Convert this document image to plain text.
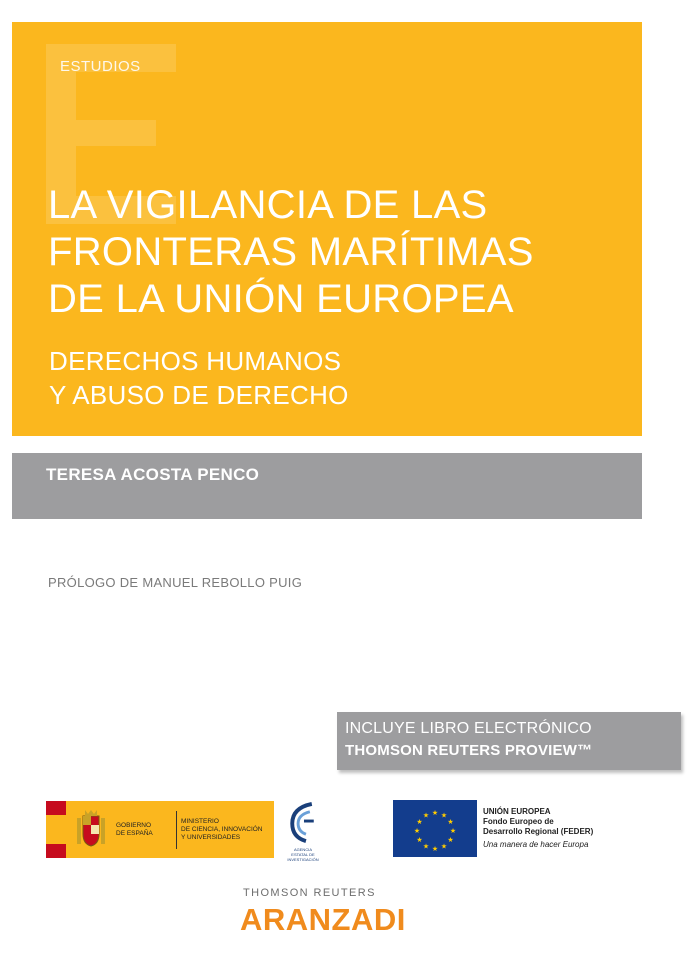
ESTUDIOS
LA VIGILANCIA DE LAS
FRONTERAS MARÍTIMAS
DE LA UNIÓN EUROPEA
DERECHOS HUMANOS
Y ABUSO DE DERECHO
TERESA ACOSTA PENCO
PRÓLOGO DE MANUEL REBOLLO PUIG
INCLUYE LIBRO ELECTRÓNICO
THOMSON REUTERS PROVIEW™
GOBIERNO
DE ESPAÑA
MINISTERIO
DE CIENCIA, INNOVACIÓN
Y UNIVERSIDADES
AGENCIA
ESTATAL DE
INVESTIGACIÓN
★ ★
★
★
★
★
★
★
★
★
★
★	UNIÓN EUROPEA
Fondo Europeo de
Desarrollo Regional (FEDER)
Una manera de hacer Europa
THOMSON REUTERS
ARANZADI
